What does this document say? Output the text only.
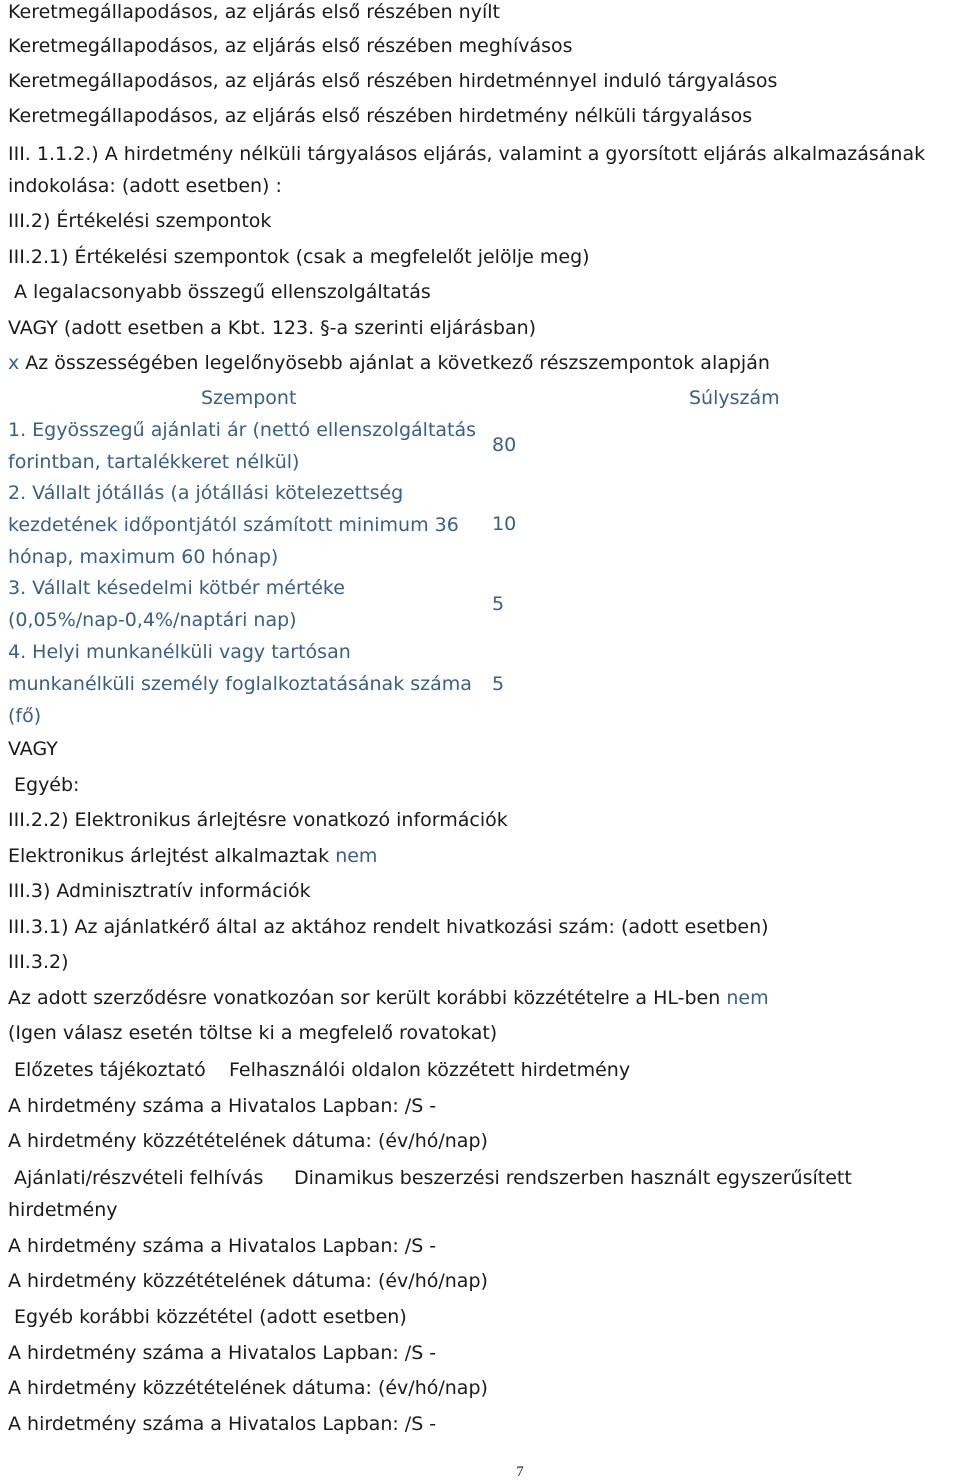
Keretmegállapodásos, az eljárás első részében nyílt
Keretmegállapodásos, az eljárás első részében meghívásos
Keretmegállapodásos, az eljárás első részében hirdetménnyel induló tárgyalásos
Keretmegállapodásos, az eljárás első részében hirdetmény nélküli tárgyalásos
III. 1.1.2.) A hirdetmény nélküli tárgyalásos eljárás, valamint a gyorsított eljárás alkalmazásának
indokolása: (adott esetben) :
III.2) Értékelési szempontok
III.2.1) Értékelési szempontok (csak a megfelelőt jelölje meg)
A legalacsonyabb összegű ellenszolgáltatás
VAGY (adott esetben a Kbt. 123. §-a szerinti eljárásban)
x Az összességében legelőnyösebb ajánlat a következő részszempontok alapján
Szempont	Súlyszám
1. Egyösszegű ajánlati ár (nettó ellenszolgáltatás
forintban, tartalékkeret nélkül)
80
2. Vállalt jótállás (a jótállási kötelezettség
kezdetének időpontjától számított minimum 36
hónap, maximum 60 hónap)
10
3. Vállalt késedelmi kötbér mértéke
(0,05%/nap-0,4%/naptári nap)
5
4. Helyi munkanélküli vagy tartósan
munkanélküli személy foglalkoztatásának száma
(fő)
5
VAGY
Egyéb:
III.2.2) Elektronikus árlejtésre vonatkozó információk
Elektronikus árlejtést alkalmaztak nem
III.3) Adminisztratív információk
III.3.1) Az ajánlatkérő által az aktához rendelt hivatkozási szám: (adott esetben)
III.3.2)
Az adott szerződésre vonatkozóan sor került korábbi közzétételre a HL-ben nem
(Igen válasz esetén töltse ki a megfelelő rovatokat)
Előzetes tájékoztató Felhasználói oldalon közzétett hirdetmény
A hirdetmény száma a Hivatalos Lapban: /S -
A hirdetmény közzétételének dátuma: (év/hó/nap)
Ajánlati/részvételi felhívás Dinamikus beszerzési rendszerben használt egyszerűsített
hirdetmény
A hirdetmény száma a Hivatalos Lapban: /S -
A hirdetmény közzétételének dátuma: (év/hó/nap)
Egyéb korábbi közzététel (adott esetben)
A hirdetmény száma a Hivatalos Lapban: /S -
A hirdetmény közzétételének dátuma: (év/hó/nap)
A hirdetmény száma a Hivatalos Lapban: /S -
7
